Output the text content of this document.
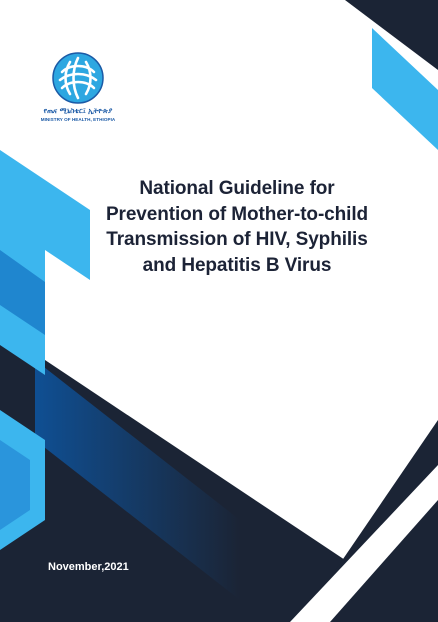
የጤና ሚኒስቴር፤ ኢትዮጵያ
MINISTRY OF HEALTH, ETHIOPIA
National Guideline for
Prevention of Mother-to-child
Transmission of HIV, Syphilis
and Hepatitis B Virus
November,2021
